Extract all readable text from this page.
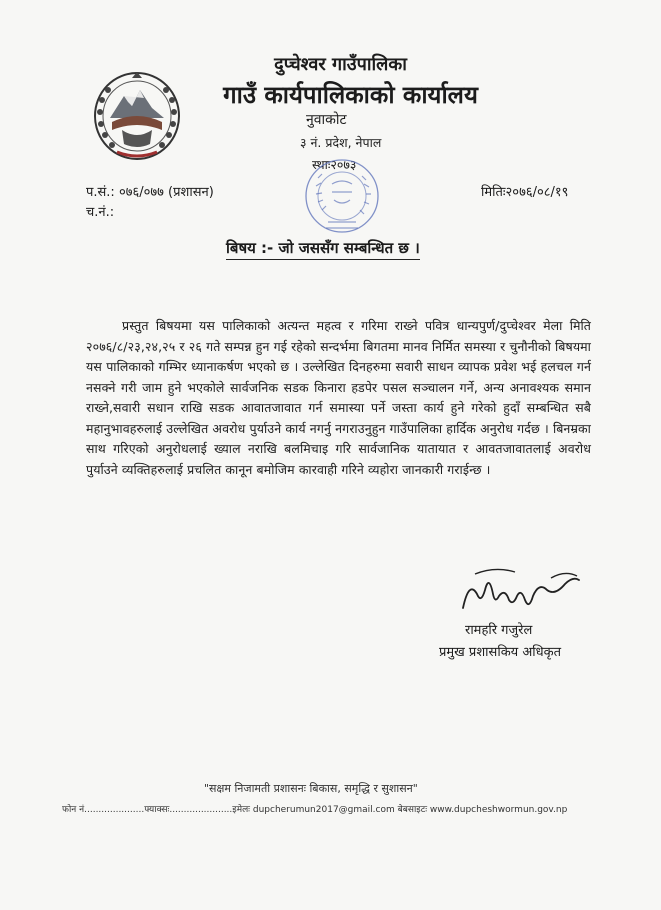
दुप्चेश्वर गाउँपालिका
गाउँ कार्यपालिकाको कार्यालय
नुवाकोट
३ नं. प्रदेश, नेपाल
स्थाः२०७३
प.सं.: ०७६/०७७ (प्रशासन)
च.नं.:
मितिः२०७६/०८/१९
बिषय :- जो जससँग सम्बन्धित छ ।
प्रस्तुत बिषयमा यस पालिकाको अत्यन्त महत्व र गरिमा राख्ने पवित्र धान्यपुर्ण/दुप्चेश्वर मेला मिति २०७६/८/२३,२४,२५ र २६ गते सम्पन्न हुन गई रहेको सन्दर्भमा बिगतमा मानव निर्मित समस्या र चुनौनीको बिषयमा यस पालिकाको गम्भिर ध्यानाकर्षण भएको छ । उल्लेखित दिनहरुमा सवारी साधन व्यापक प्रवेश भई हलचल गर्न नसक्ने गरी जाम हुने भएकोले सार्वजनिक सडक किनारा हडपेर पसल सञ्चालन गर्ने, अन्य अनावश्यक समान राख्ने,सवारी सधान राखि सडक आवातजावात गर्न समास्या पर्ने जस्ता कार्य हुने गरेको हुदाँ सम्बन्धित सबै महानुभावहरुलाई उल्लेखित अवरोध पुर्याउने कार्य नगर्नु नगराउनुहुन गाउँपालिका हार्दिक अनुरोध गर्दछ । बिनम्रका साथ गरिएको अनुरोधलाई ख्याल नराखि बलमिचाइ गरि सार्वजानिक यातायात र आवतजावातलाई अवरोध पुर्याउने व्यक्तिहरुलाई प्रचलित कानून बमोजिम कारवाही गरिने व्यहोरा जानकारी गराईन्छ ।
रामहरि गजुरेल
प्रमुख प्रशासकिय अधिकृत
"सक्षम निजामती प्रशासनः बिकास, समृद्धि र सुशासन"
फोन नं.....................फ्याक्सः......................इमेलः dupcherumun2017@gmail.com बेबसाइटः www.dupcheshwormun.gov.np
